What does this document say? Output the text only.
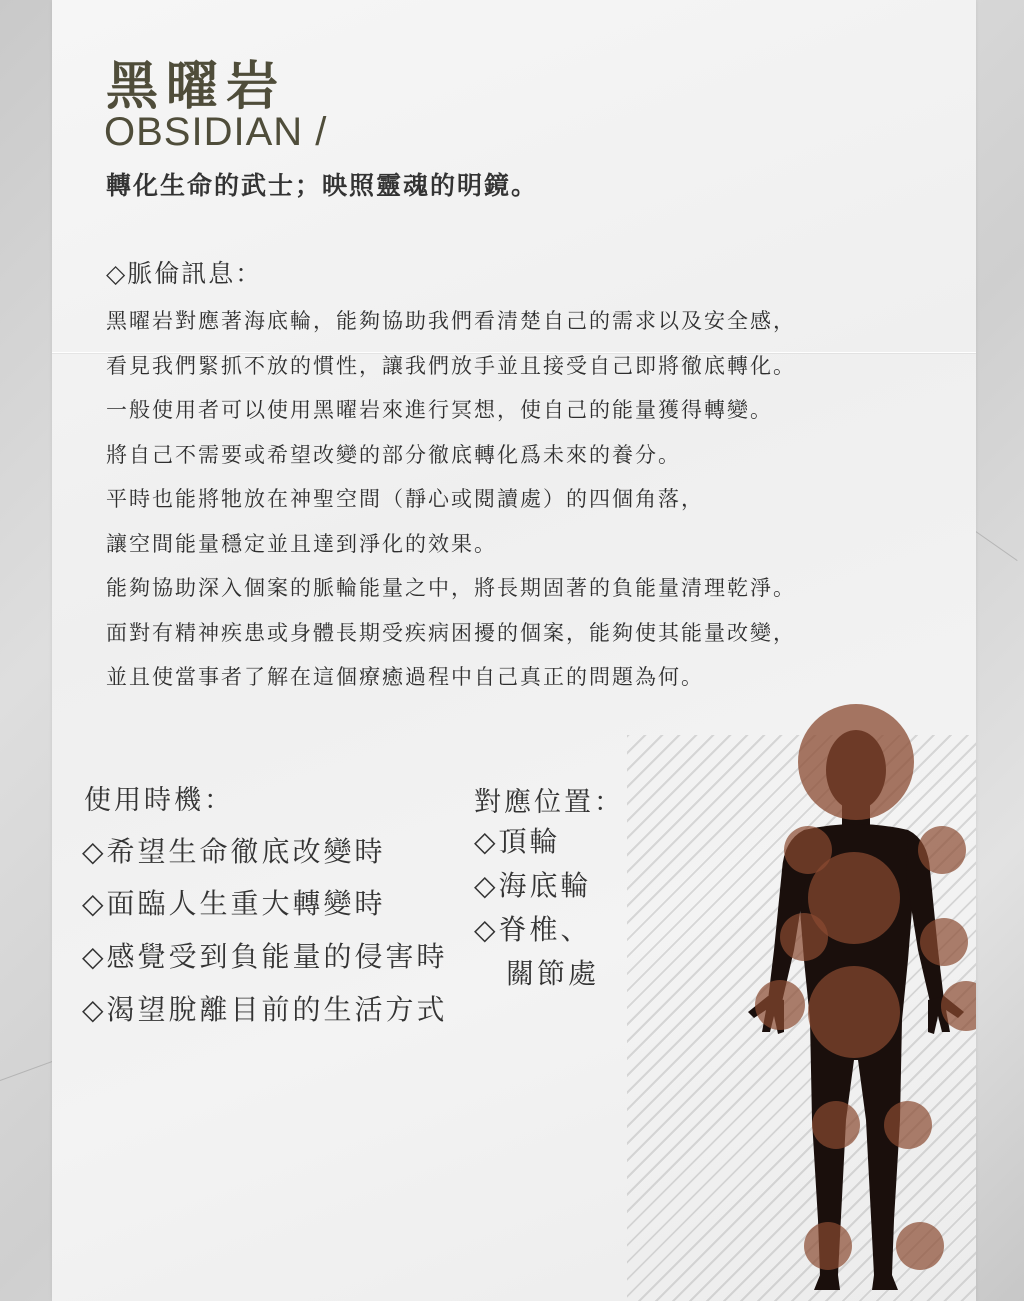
黑曜岩
OBSIDIAN /
轉化生命的武士；映照靈魂的明鏡。
◇脈倫訊息：
黑曜岩對應著海底輪，能夠協助我們看清楚自己的需求以及安全感，
看見我們緊抓不放的慣性，讓我們放手並且接受自己即將徹底轉化。
一般使用者可以使用黑曜岩來進行冥想，使自己的能量獲得轉變。
將自己不需要或希望改變的部分徹底轉化爲未來的養分。
平時也能將牠放在神聖空間（靜心或閱讀處）的四個角落，
讓空間能量穩定並且達到淨化的效果。
能夠協助深入個案的脈輪能量之中，將長期固著的負能量清理乾淨。
面對有精神疾患或身體長期受疾病困擾的個案，能夠使其能量改變，
並且使當事者了解在這個療癒過程中自己真正的問題為何。
使用時機：
◇希望生命徹底改變時
◇面臨人生重大轉變時
◇感覺受到負能量的侵害時
◇渴望脫離目前的生活方式
對應位置：
◇頂輪
◇海底輪
◇脊椎、
關節處
